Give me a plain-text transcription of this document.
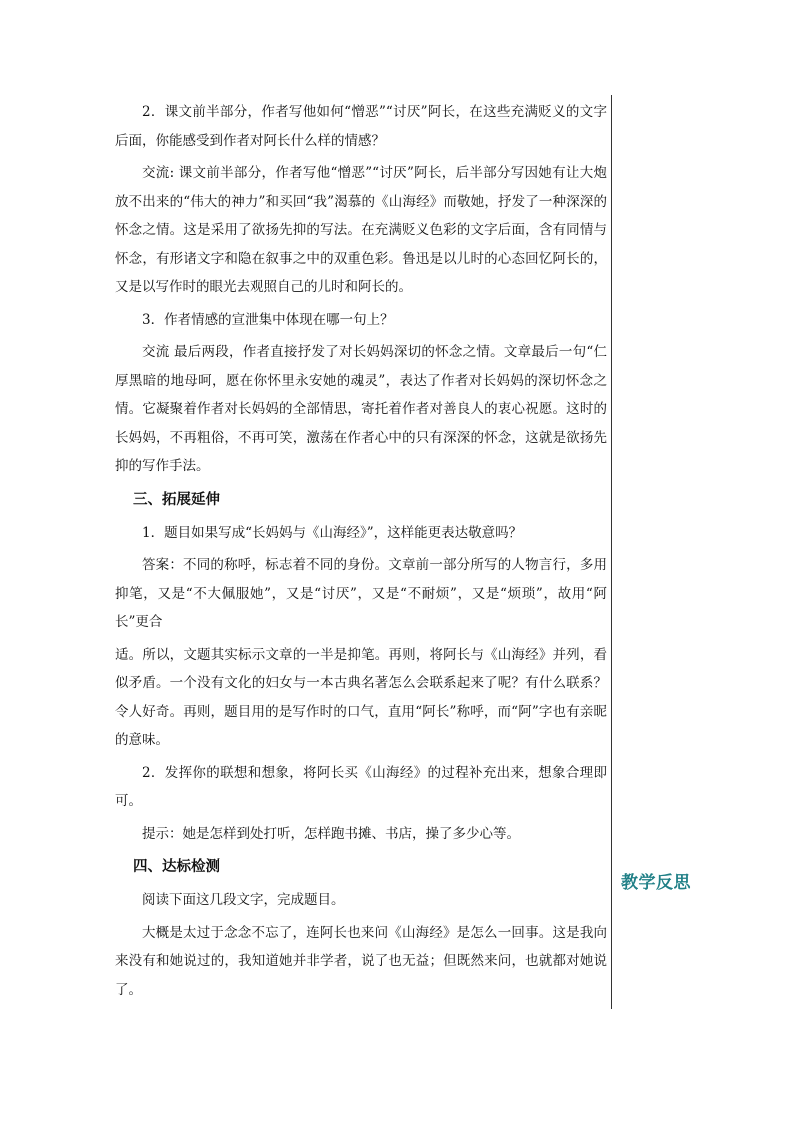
2．课文前半部分，作者写他如何“憎恶”“讨厌”阿长，在这些充满贬义的文字后面，你能感受到作者对阿长什么样的情感？

交流: 课文前半部分，作者写他“憎恶”“讨厌”阿长，后半部分写因她有让大炮放不出来的“伟大的神力”和买回“我”渴慕的《山海经》而敬她，抒发了一种深深的怀念之情。这是采用了欲扬先抑的写法。在充满贬义色彩的文字后面，含有同情与怀念，有形诸文字和隐在叙事之中的双重色彩。鲁迅是以儿时的心态回忆阿长的，又是以写作时的眼光去观照自己的儿时和阿长的。

3．作者情感的宣泄集中体现在哪一句上？

交流 最后两段，作者直接抒发了对长妈妈深切的怀念之情。文章最后一句“仁厚黑暗的地母呵，愿在你怀里永安她的魂灵”，表达了作者对长妈妈的深切怀念之情。它凝聚着作者对长妈妈的全部情思，寄托着作者对善良人的衷心祝愿。这时的长妈妈，不再粗俗，不再可笑，激荡在作者心中的只有深深的怀念，这就是欲扬先抑的写作手法。

三、拓展延伸

1．题目如果写成“长妈妈与《山海经》”，这样能更表达敬意吗？

答案：不同的称呼，标志着不同的身份。文章前一部分所写的人物言行，多用抑笔，又是“不大佩服她”，又是“讨厌”，又是“不耐烦”，又是“烦琐”，故用“阿长”更合

适。所以，文题其实标示文章的一半是抑笔。再则，将阿长与《山海经》并列，看似矛盾。一个没有文化的妇女与一本古典名著怎么会联系起来了呢？有什么联系？令人好奇。再则，题目用的是写作时的口气，直用“阿长”称呼，而“阿”字也有亲昵的意味。

2．发挥你的联想和想象，将阿长买《山海经》的过程补充出来，想象合理即可。

提示：她是怎样到处打听，怎样跑书摊、书店，操了多少心等。

四、达标检测

阅读下面这几段文字，完成题目。

大概是太过于念念不忘了，连阿长也来问《山海经》是怎么一回事。这是我向来没有和她说过的，我知道她并非学者，说了也无益；但既然来问，也就都对她说了。

教学反思
